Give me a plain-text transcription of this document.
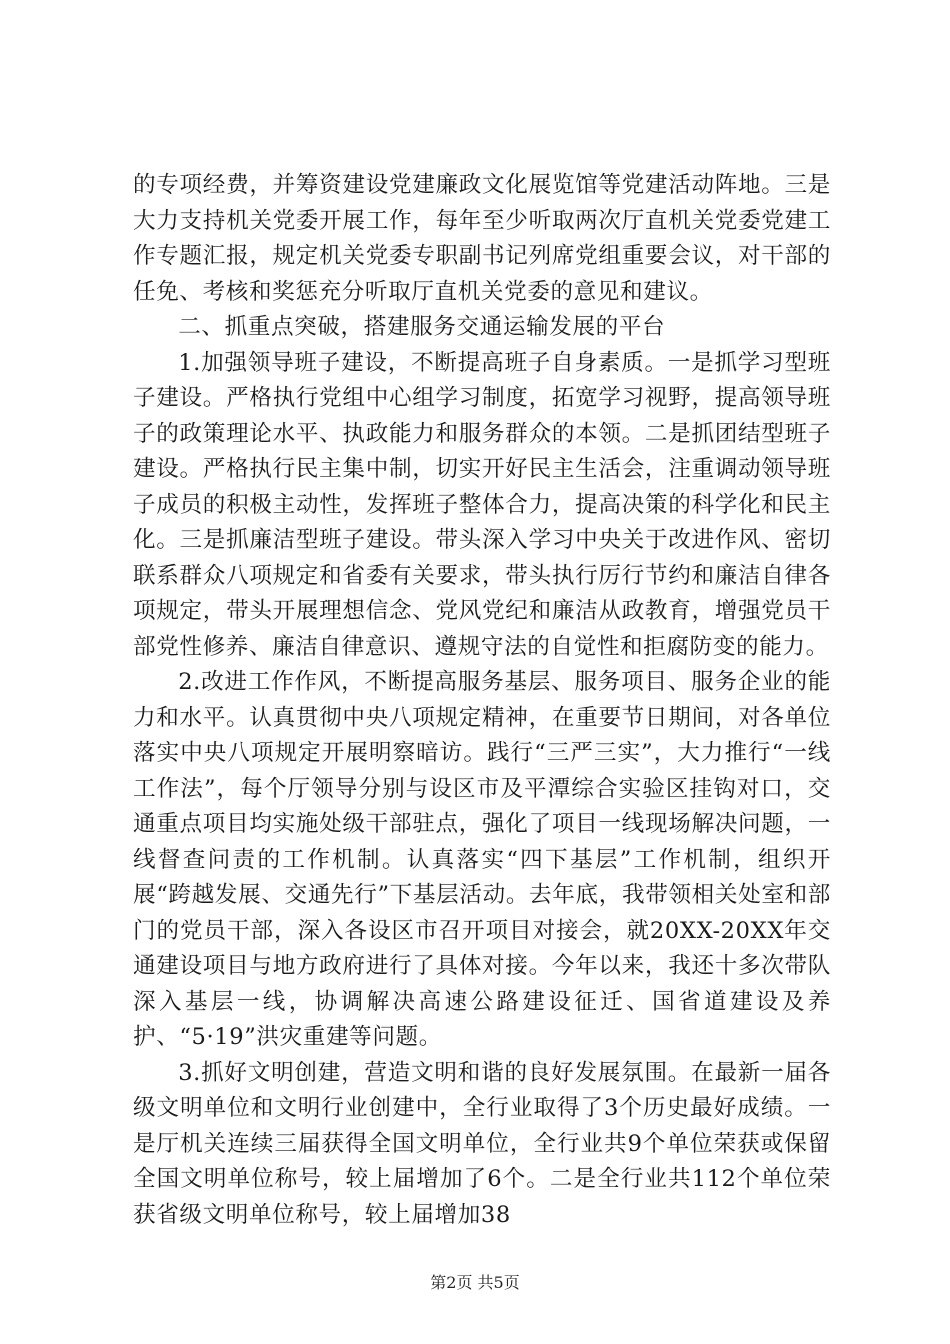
的专项经费，并筹资建设党建廉政文化展览馆等党建活动阵地。三是大力支持机关党委开展工作，每年至少听取两次厅直机关党委党建工作专题汇报，规定机关党委专职副书记列席党组重要会议，对干部的任免、考核和奖惩充分听取厅直机关党委的意见和建议。

二、抓重点突破，搭建服务交通运输发展的平台

1.加强领导班子建设，不断提高班子自身素质。一是抓学习型班子建设。严格执行党组中心组学习制度，拓宽学习视野，提高领导班子的政策理论水平、执政能力和服务群众的本领。二是抓团结型班子建设。严格执行民主集中制，切实开好民主生活会，注重调动领导班子成员的积极主动性，发挥班子整体合力，提高决策的科学化和民主化。三是抓廉洁型班子建设。带头深入学习中央关于改进作风、密切联系群众八项规定和省委有关要求，带头执行厉行节约和廉洁自律各项规定，带头开展理想信念、党风党纪和廉洁从政教育，增强党员干部党性修养、廉洁自律意识、遵规守法的自觉性和拒腐防变的能力。

2.改进工作作风，不断提高服务基层、服务项目、服务企业的能力和水平。认真贯彻中央八项规定精神，在重要节日期间，对各单位落实中央八项规定开展明察暗访。践行“三严三实”，大力推行“一线工作法”，每个厅领导分别与设区市及平潭综合实验区挂钩对口，交通重点项目均实施处级干部驻点，强化了项目一线现场解决问题，一线督查问责的工作机制。认真落实“四下基层”工作机制，组织开展“跨越发展、交通先行”下基层活动。去年底，我带领相关处室和部门的党员干部，深入各设区市召开项目对接会，就20XX-20XX年交通建设项目与地方政府进行了具体对接。今年以来，我还十多次带队深入基层一线，协调解决高速公路建设征迁、国省道建设及养护、“5·19”洪灾重建等问题。

3.抓好文明创建，营造文明和谐的良好发展氛围。在最新一届各级文明单位和文明行业创建中，全行业取得了3个历史最好成绩。一是厅机关连续三届获得全国文明单位，全行业共9个单位荣获或保留全国文明单位称号，较上届增加了6个。二是全行业共112个单位荣获省级文明单位称号，较上届增加38

第2页 共5页
